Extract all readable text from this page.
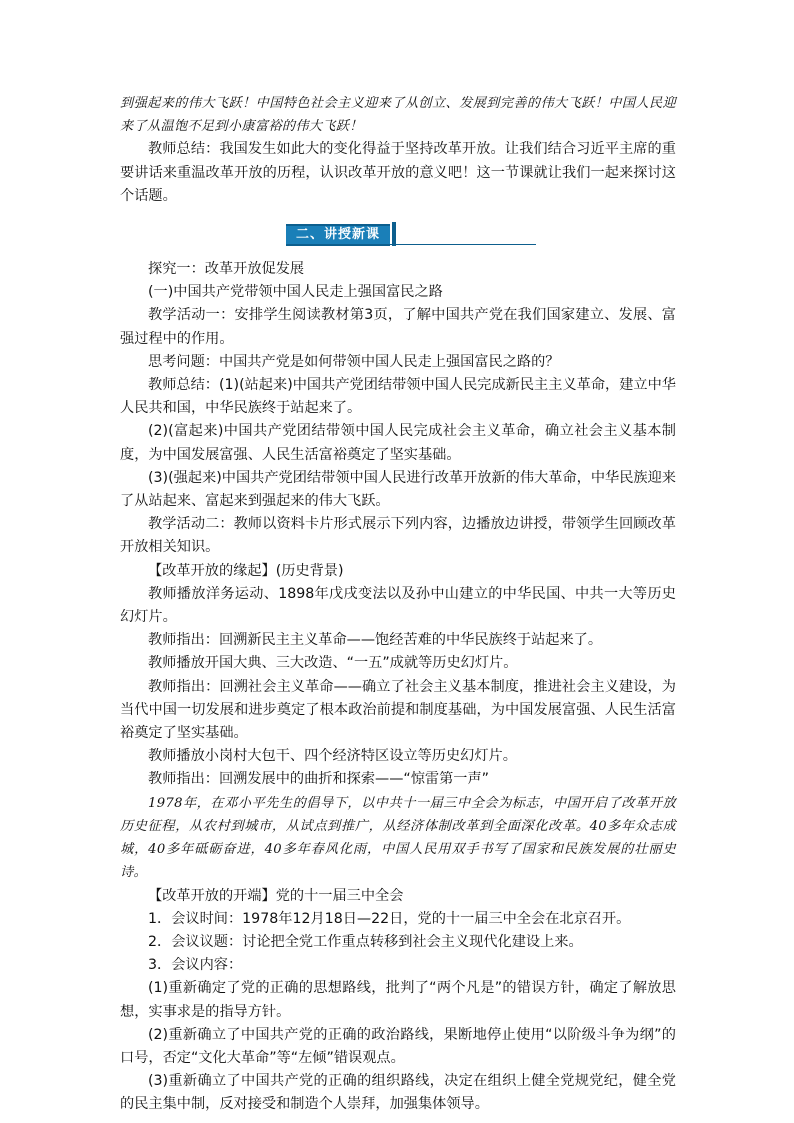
到强起来的伟大飞跃！中国特色社会主义迎来了从创立、发展到完善的伟大飞跃！中国人民迎来了从温饱不足到小康富裕的伟大飞跃！

教师总结：我国发生如此大的变化得益于坚持改革开放。让我们结合习近平主席的重要讲话来重温改革开放的历程，认识改革开放的意义吧！这一节课就让我们一起来探讨这个话题。

二、讲授新课

探究一：改革开放促发展

(一)中国共产党带领中国人民走上强国富民之路

教学活动一：安排学生阅读教材第3页，了解中国共产党在我们国家建立、发展、富强过程中的作用。

思考问题：中国共产党是如何带领中国人民走上强国富民之路的？

教师总结：(1)(站起来)中国共产党团结带领中国人民完成新民主主义革命，建立中华人民共和国，中华民族终于站起来了。

(2)(富起来)中国共产党团结带领中国人民完成社会主义革命，确立社会主义基本制度，为中国发展富强、人民生活富裕奠定了坚实基础。

(3)(强起来)中国共产党团结带领中国人民进行改革开放新的伟大革命，中华民族迎来了从站起来、富起来到强起来的伟大飞跃。

教学活动二：教师以资料卡片形式展示下列内容，边播放边讲授，带领学生回顾改革开放相关知识。

【改革开放的缘起】(历史背景)

教师播放洋务运动、1898年戊戌变法以及孙中山建立的中华民国、中共一大等历史幻灯片。

教师指出：回溯新民主主义革命——饱经苦难的中华民族终于站起来了。

教师播放开国大典、三大改造、“一五”成就等历史幻灯片。

教师指出：回溯社会主义革命——确立了社会主义基本制度，推进社会主义建设，为当代中国一切发展和进步奠定了根本政治前提和制度基础，为中国发展富强、人民生活富裕奠定了坚实基础。

教师播放小岗村大包干、四个经济特区设立等历史幻灯片。

教师指出：回溯发展中的曲折和探索——“惊雷第一声”

1978年，在邓小平先生的倡导下，以中共十一届三中全会为标志，中国开启了改革开放历史征程，从农村到城市，从试点到推广，从经济体制改革到全面深化改革。40多年众志成城，40多年砥砺奋进，40多年春风化雨，中国人民用双手书写了国家和民族发展的壮丽史诗。

【改革开放的开端】党的十一届三中全会

1．会议时间：1978年12月18日—22日，党的十一届三中全会在北京召开。

2．会议议题：讨论把全党工作重点转移到社会主义现代化建设上来。

3．会议内容：

(1)重新确定了党的正确的思想路线，批判了“两个凡是”的错误方针，确定了解放思想，实事求是的指导方针。

(2)重新确立了中国共产党的正确的政治路线，果断地停止使用“以阶级斗争为纲”的口号，否定“文化大革命”等“左倾”错误观点。

(3)重新确立了中国共产党的正确的组织路线，决定在组织上健全党规党纪，健全党的民主集中制，反对接受和制造个人崇拜，加强集体领导。
